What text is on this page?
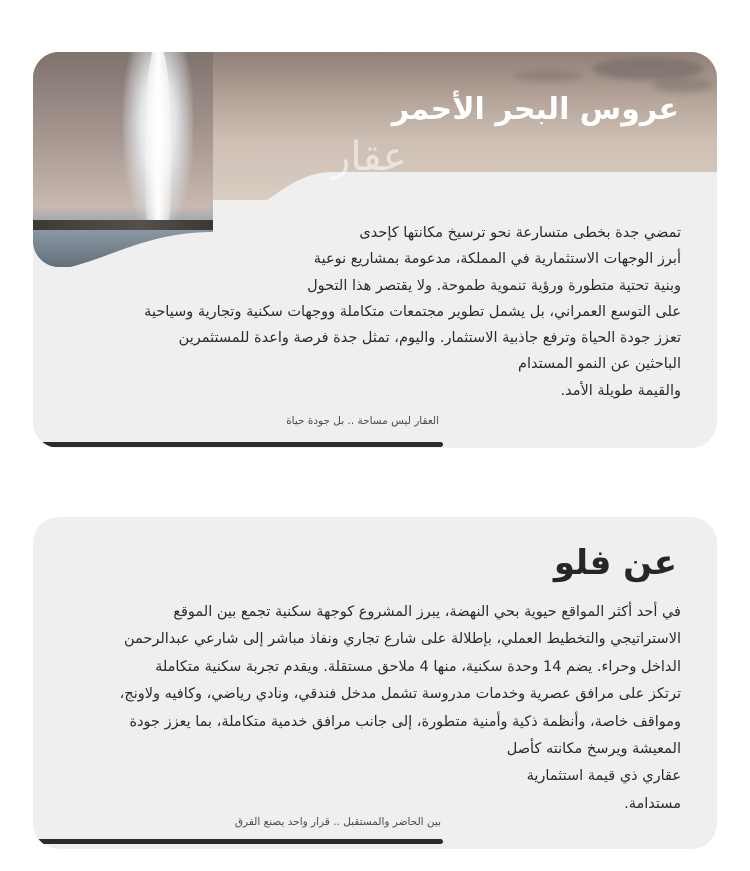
عروس البحر الأحمر
عقار

تمضي جدة بخطى متسارعة نحو ترسيخ مكانتها كإحدى
أبرز الوجهات الاستثمارية في المملكة، مدعومة بمشاريع نوعية
وبنية تحتية متطورة ورؤية تنموية طموحة. ولا يقتصر هذا التحول
على التوسع العمراني، بل يشمل تطوير مجتمعات متكاملة ووجهات سكنية وتجارية وسياحية
تعزز جودة الحياة وترفع جاذبية الاستثمار. واليوم، تمثل جدة فرصة واعدة للمستثمرين
الباحثين عن النمو المستدام
والقيمة طويلة الأمد.

العقار ليس مساحة .. بل جودة حياة

عن فلو

في أحد أكثر المواقع حيوية بحي النهضة، يبرز المشروع كوجهة سكنية تجمع بين الموقع
الاستراتيجي والتخطيط العملي، بإطلالة على شارع تجاري ونفاذ مباشر إلى شارعي عبدالرحمن
الداخل وحراء. يضم 14 وحدة سكنية، منها 4 ملاحق مستقلة. ويقدم تجربة سكنية متكاملة
ترتكز على مرافق عصرية وخدمات مدروسة تشمل مدخل فندقي، ونادي رياضي، وكافيه ولاونج،
ومواقف خاصة، وأنظمة ذكية وأمنية متطورة، إلى جانب مرافق خدمية متكاملة، بما يعزز جودة
المعيشة ويرسخ مكانته كأصل
عقاري ذي قيمة استثمارية
مستدامة.

بين الحاضر والمستقبل .. قرار واحد يصنع الفرق
